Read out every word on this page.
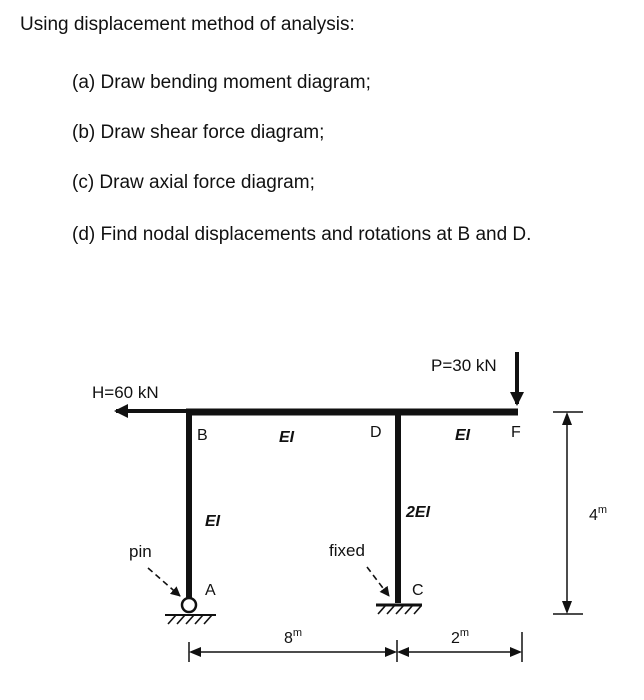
Using displacement method of analysis:
(a) Draw bending moment diagram;
(b) Draw shear force diagram;
(c) Draw axial force diagram;
(d) Find nodal displacements and rotations at B and D.
H=60 kN
P=30 kN
B	D	F
A	C
EI	EI
EI
2EI
pin	fixed
8$^m$	2$^m$
4$^m$
